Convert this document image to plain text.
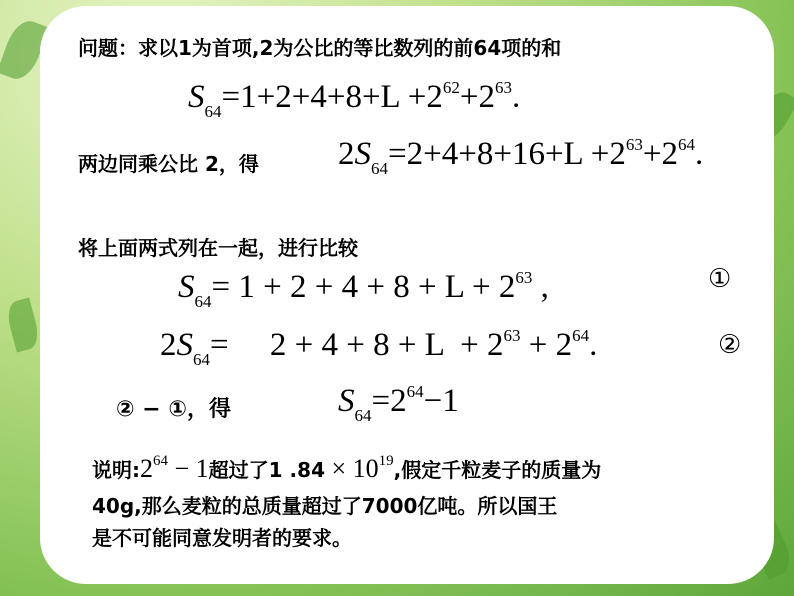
问题：求以1为首项,2为公比的等比数列的前64项的和
$S_{64}=1+2+4+8+L +2^{62}+2^{63}$.
两边同乘公比 2，得 $2S_{64}=2+4+8+16+L +2^{63}+2^{64}$.
将上面两式列在一起，进行比较
$S_{64}= 1 + 2 + 4 + 8 + L + 2^{63}$ ,	①
$2S_{64}=$     $2 + 4 + 8 + L + 2^{63} + 2^{64}$.	②
② − ①，得	$S_{64}=2^{64}-1$
说明$:2^{64} - 1$超过了1 $.84 \times 10^{19}$,假定千粒麦子的质量为
40g,那么麦粒的总质量超过了7000亿吨。所以国王
是不可能同意发明者的要求。
